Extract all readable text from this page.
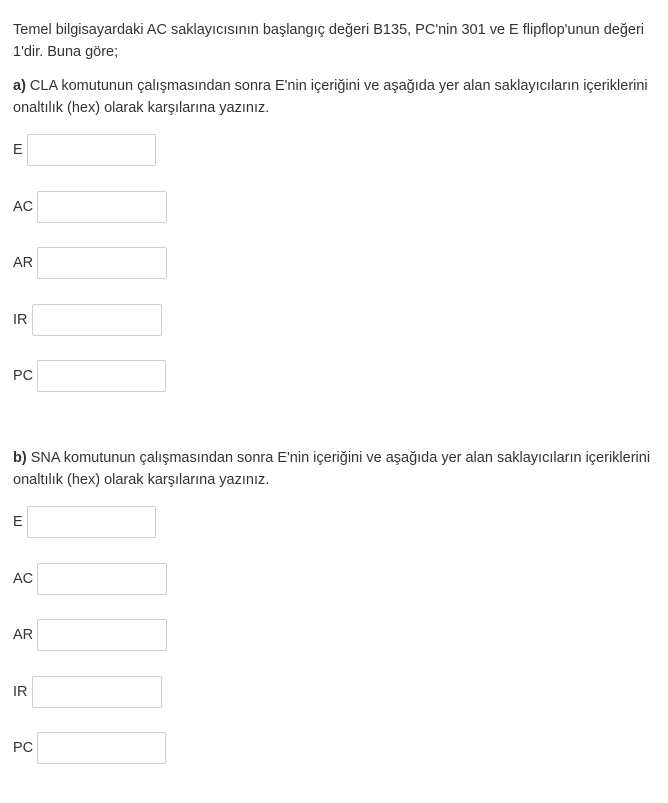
Temel bilgisayardaki AC saklayıcısının başlangıç değeri B135, PC'nin 301 ve E flipflop'unun değeri 1'dir. Buna göre;

a) CLA komutunun çalışmasından sonra E'nin içeriğini ve aşağıda yer alan saklayıcıların içeriklerini onaltılık (hex) olarak karşılarına yazınız.

E
AC
AR
IR
PC

b) SNA komutunun çalışmasından sonra E'nin içeriğini ve aşağıda yer alan saklayıcıların içeriklerini onaltılık (hex) olarak karşılarına yazınız.

E
AC
AR
IR
PC
